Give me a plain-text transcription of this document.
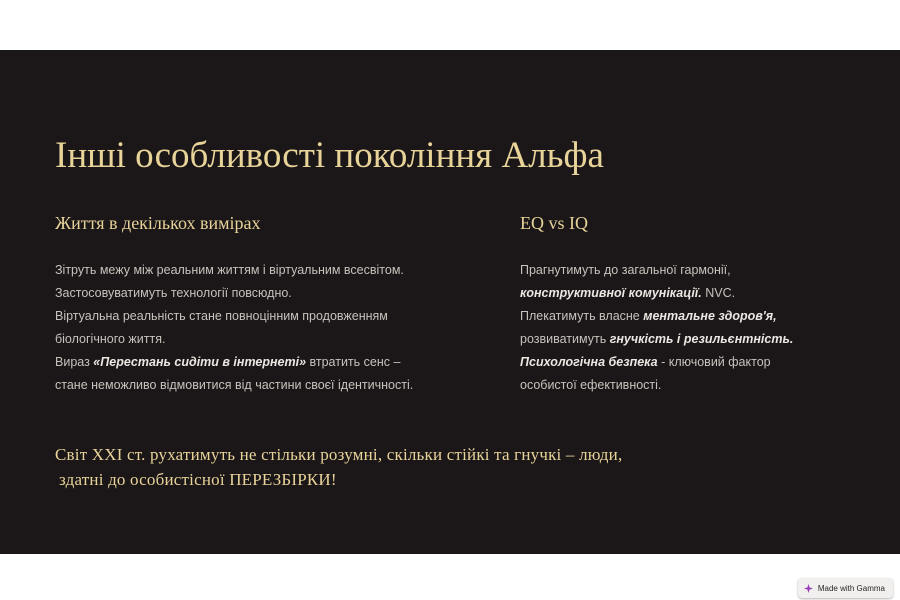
Інші особливості покоління Альфа
Життя в декількох вимірах
Зітруть межу між реальним життям і віртуальним всесвітом.
Застосовуватимуть технології повсюдно.
Віртуальна реальність стане повноцінним продовженням
біологічного життя.
Вираз «Перестань сидіти в інтернеті» втратить сенс –
стане неможливо відмовитися від частини своєї ідентичності.
EQ vs IQ
Прагнутимуть до загальної гармонії,
конструктивної комунікації. NVC.
Плекатимуть власне ментальне здоров'я,
розвиватимуть гнучкість і резильєнтність.
Психологічна безпека - ключовий фактор
особистої ефективності.

Світ XXI ст. рухатимуть не стільки розумні, скільки стійкі та гнучкі – люди,
здатні до особистісної ПЕРЕЗБІРКИ!

Made with Gamma
